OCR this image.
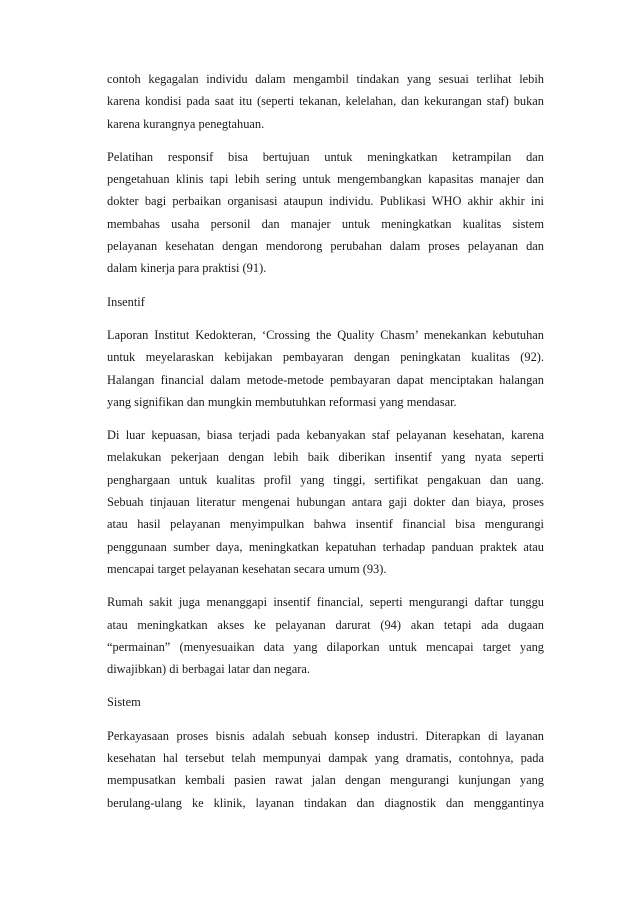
contoh kegagalan individu dalam mengambil tindakan yang sesuai terlihat lebih
karena kondisi pada saat itu (seperti tekanan, kelelahan, dan kekurangan staf) bukan
karena kurangnya penegtahuan.

Pelatihan responsif bisa bertujuan untuk meningkatkan ketrampilan dan
pengetahuan klinis tapi lebih sering untuk mengembangkan kapasitas manajer dan
dokter bagi perbaikan organisasi ataupun individu. Publikasi WHO akhir akhir ini
membahas usaha personil dan manajer untuk meningkatkan kualitas sistem
pelayanan kesehatan dengan mendorong perubahan dalam proses pelayanan dan
dalam kinerja para praktisi (91).

Insentif

Laporan Institut Kedokteran, ‘Crossing the Quality Chasm’ menekankan kebutuhan
untuk meyelaraskan kebijakan pembayaran dengan peningkatan kualitas (92).
Halangan financial dalam metode-metode pembayaran dapat menciptakan halangan
yang signifikan dan mungkin membutuhkan reformasi yang mendasar.

Di luar kepuasan, biasa terjadi pada kebanyakan staf pelayanan kesehatan, karena
melakukan pekerjaan dengan lebih baik diberikan insentif yang nyata seperti
penghargaan untuk kualitas profil yang tinggi, sertifikat pengakuan dan uang.
Sebuah tinjauan literatur mengenai hubungan antara gaji dokter dan biaya, proses
atau hasil pelayanan menyimpulkan bahwa insentif financial bisa mengurangi
penggunaan sumber daya, meningkatkan kepatuhan terhadap panduan praktek atau
mencapai target pelayanan kesehatan secara umum (93).

Rumah sakit juga menanggapi insentif financial, seperti mengurangi daftar tunggu
atau meningkatkan akses ke pelayanan darurat (94) akan tetapi ada dugaan
“permainan” (menyesuaikan data yang dilaporkan untuk mencapai target yang
diwajibkan) di berbagai latar dan negara.

Sistem

Perkayasaan proses bisnis adalah sebuah konsep industri. Diterapkan di layanan
kesehatan hal tersebut telah mempunyai dampak yang dramatis, contohnya, pada
mempusatkan kembali pasien rawat jalan dengan mengurangi kunjungan yang
berulang-ulang ke klinik, layanan tindakan dan diagnostik dan menggantinya
